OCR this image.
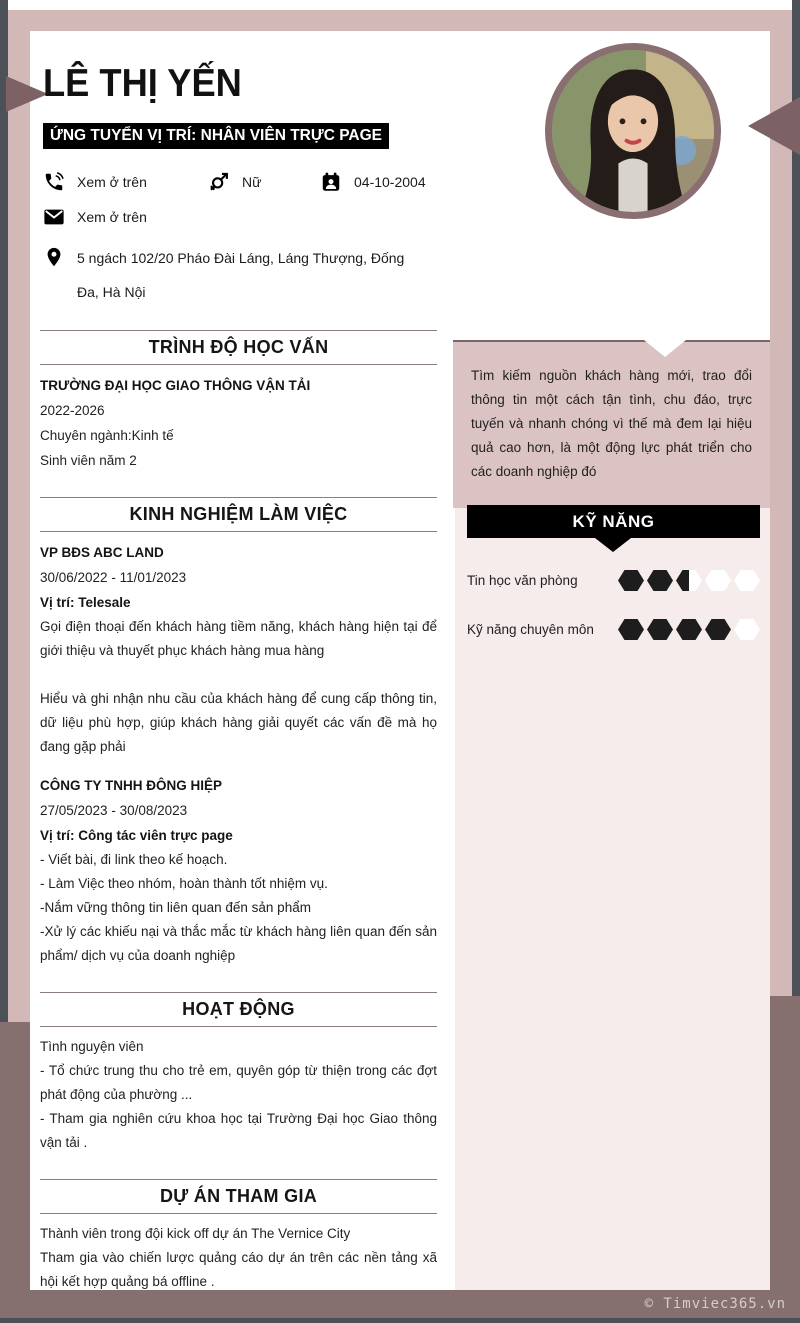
LÊ THỊ YẾN
ỨNG TUYỂN VỊ TRÍ: NHÂN VIÊN TRỰC PAGE
Xem ở trên	Nữ	04-10-2004
Xem ở trên
5 ngách 102/20 Pháo Đài Láng, Láng Thượng, Đống Đa, Hà Nội
TRÌNH ĐỘ HỌC VẤN
TRƯỜNG ĐẠI HỌC GIAO THÔNG VẬN TẢI
2022-2026
Chuyên ngành:Kinh tế
Sinh viên năm 2
KINH NGHIỆM LÀM VIỆC
VP BĐS ABC LAND
30/06/2022 - 11/01/2023
Vị trí: Telesale
Gọi điện thoại đến khách hàng tiềm năng, khách hàng hiện tại để giới thiệu và thuyết phục khách hàng mua hàng

Hiểu và ghi nhận nhu cầu của khách hàng để cung cấp thông tin, dữ liệu phù hợp, giúp khách hàng giải quyết các vấn đề mà họ đang gặp phải
CÔNG TY TNHH ĐÔNG HIỆP
27/05/2023 - 30/08/2023
Vị trí: Công tác viên trực page
- Viết bài, đi link theo kế hoạch.
- Làm Việc theo nhóm, hoàn thành tốt nhiệm vụ.
-Nắm vững thông tin liên quan đến sản phẩm
-Xử lý các khiếu nại và thắc mắc từ khách hàng liên quan đến sản phẩm/ dịch vụ của doanh nghiệp
HOẠT ĐỘNG
Tình nguyện viên
- Tổ chức trung thu cho trẻ em, quyên góp từ thiện trong các đợt phát động của phường ...
- Tham gia nghiên cứu khoa học tại Trường Đại học Giao thông vận tải .
DỰ ÁN THAM GIA
Thành viên trong đội kick off dự án The Vernice City
Tham gia vào chiến lược quảng cáo dự án trên các nền tảng xã hội kết hợp quảng bá offline .
Tìm kiếm nguồn khách hàng mới, trao đổi thông tin một cách tận tình, chu đáo, trực tuyến và nhanh chóng vì thế mà đem lại hiệu quả cao hơn, là một động lực phát triển cho các doanh nghiệp đó
KỸ NĂNG
Tin học văn phòng
Kỹ năng chuyên môn
© Timviec365.vn
